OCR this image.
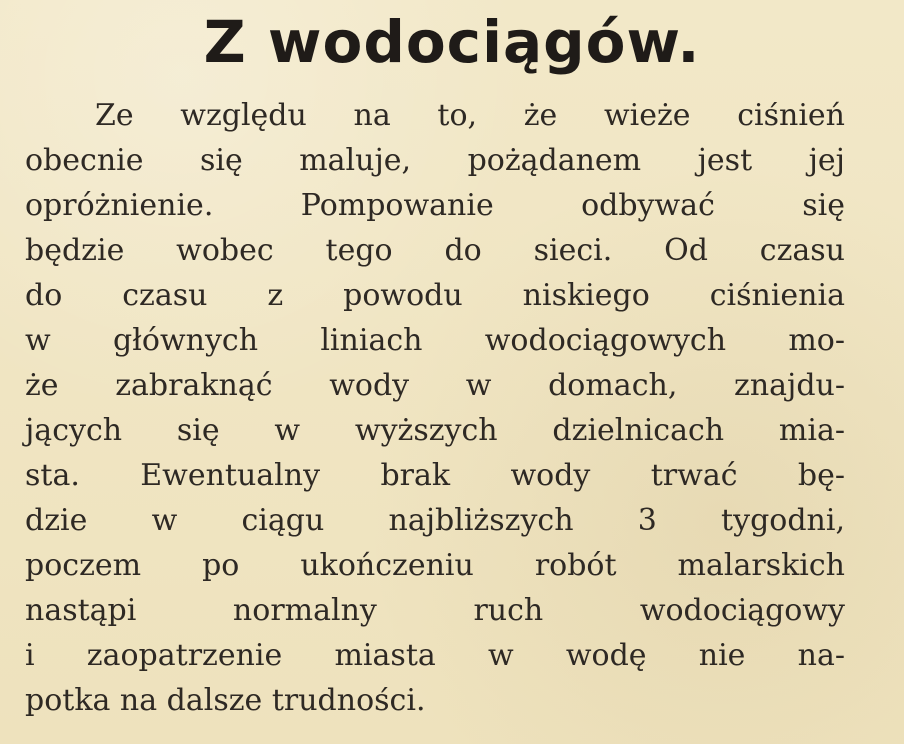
Z wodociągów.
Ze względu na to, że wieże ciśnień
obecnie się maluje, pożądanem jest jej
opróżnienie. Pompowanie odbywać się
będzie wobec tego do sieci. Od czasu
do czasu z powodu niskiego ciśnienia
w głównych liniach wodociągowych mo-
że zabraknąć wody w domach, znajdu-
jących się w wyższych dzielnicach mia-
sta. Ewentualny brak wody trwać bę-
dzie w ciągu najbliższych 3 tygodni,
poczem po ukończeniu robót malarskich
nastąpi normalny ruch wodociągowy
i zaopatrzenie miasta w wodę nie na-
potka na dalsze trudności.
